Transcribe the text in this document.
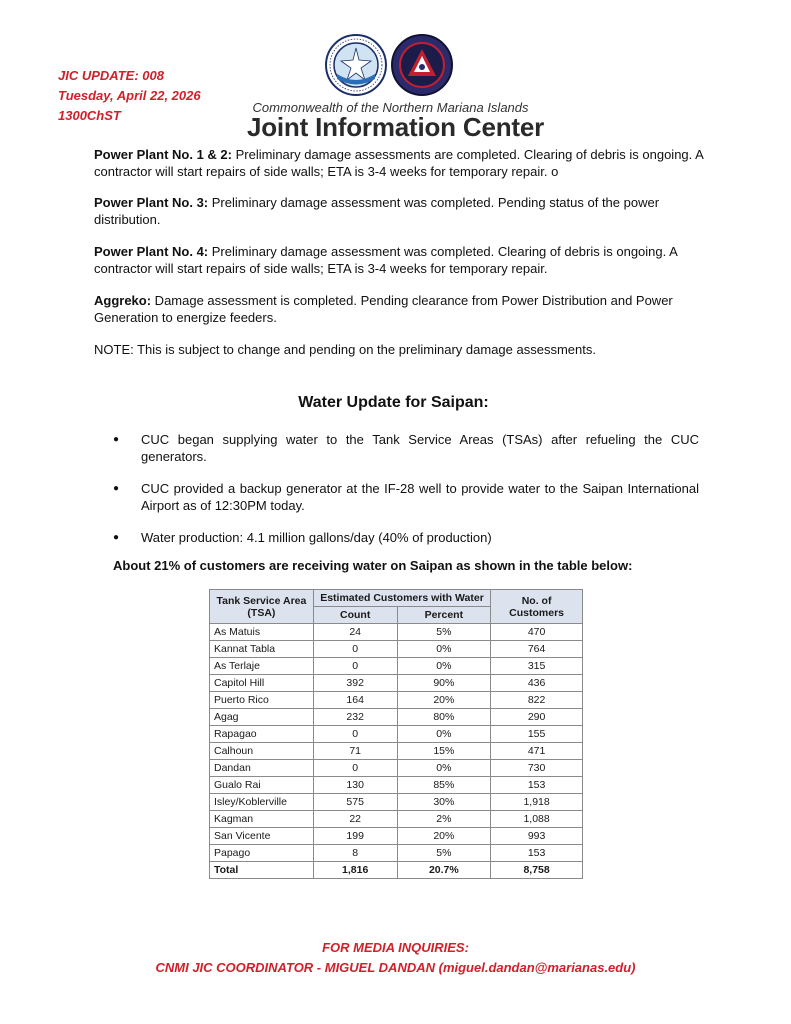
JIC UPDATE: 008
Tuesday, April 22, 2026
1300ChST
Commonwealth of the Northern Mariana Islands
Joint Information Center
Power Plant No. 1 & 2: Preliminary damage assessments are completed. Clearing of debris is ongoing. A contractor will start repairs of side walls; ETA is 3-4 weeks for temporary repair. o
Power Plant No. 3: Preliminary damage assessment was completed. Pending status of the power distribution.
Power Plant No. 4: Preliminary damage assessment was completed. Clearing of debris is ongoing. A contractor will start repairs of side walls; ETA is 3-4 weeks for temporary repair.
Aggreko: Damage assessment is completed. Pending clearance from Power Distribution and Power Generation to energize feeders.
NOTE: This is subject to change and pending on the preliminary damage assessments.
Water Update for Saipan:
● CUC began supplying water to the Tank Service Areas (TSAs) after refueling the CUC generators.
● CUC provided a backup generator at the IF-28 well to provide water to the Saipan International Airport as of 12:30PM today.
● Water production: 4.1 million gallons/day (40% of production)
About 21% of customers are receiving water on Saipan as shown in the table below:
Tank Service Area (TSA)	Estimated Customers with Water		No. of Customers
	Count	Percent	
As Matuis	24	5%	470
Kannat Tabla	0	0%	764
As Terlaje	0	0%	315
Capitol Hill	392	90%	436
Puerto Rico	164	20%	822
Agag	232	80%	290
Rapagao	0	0%	155
Calhoun	71	15%	471
Dandan	0	0%	730
Gualo Rai	130	85%	153
Isley/Koblerville	575	30%	1,918
Kagman	22	2%	1,088
San Vicente	199	20%	993
Papago	8	5%	153
Total	1,816	20.7%	8,758
FOR MEDIA INQUIRIES:
CNMI JIC COORDINATOR - MIGUEL DANDAN (miguel.dandan@marianas.edu)
